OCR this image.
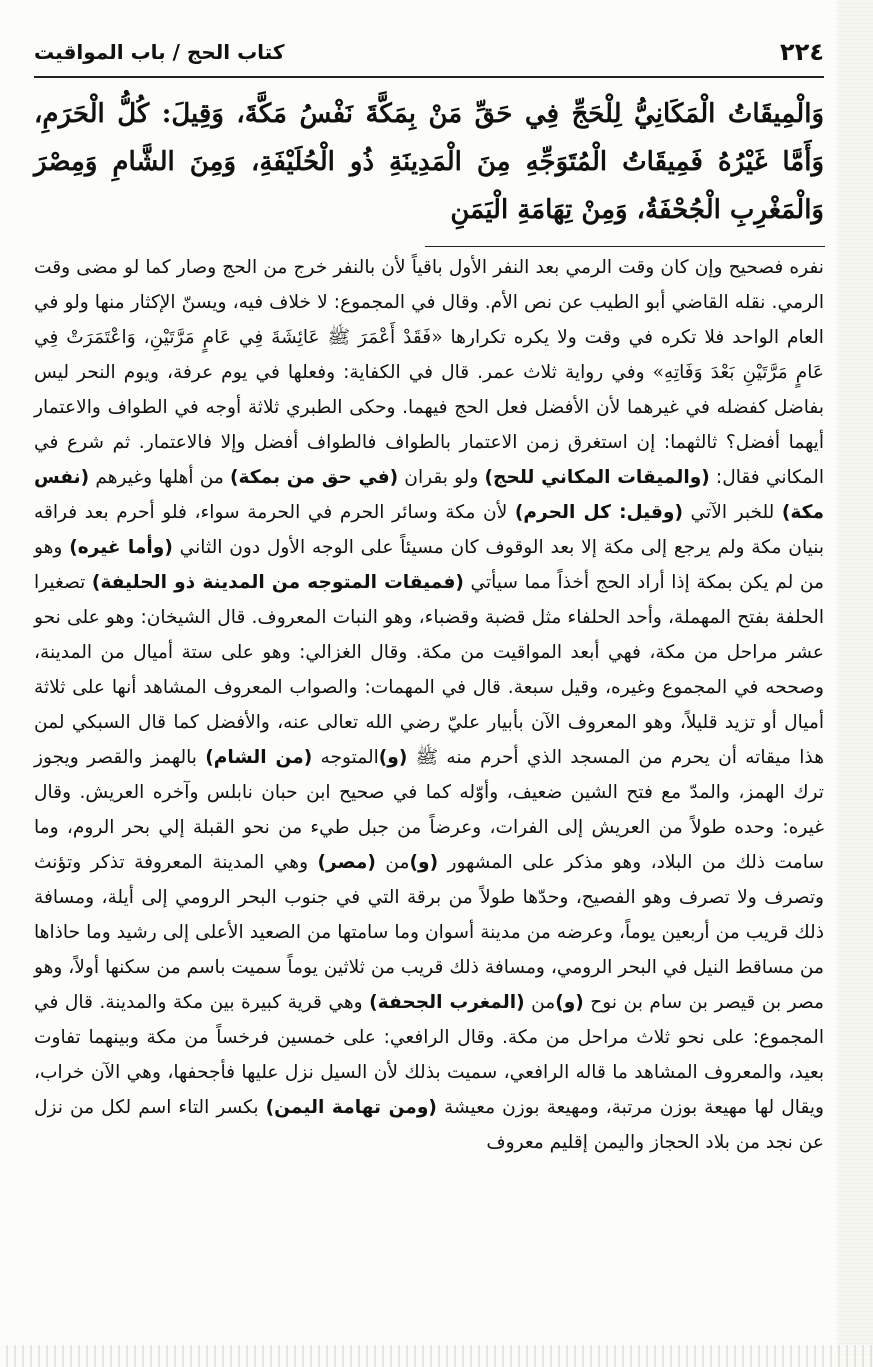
٢٢٤
كتاب الحج / باب المواقيت
وَالْمِيقَاتُ الْمَكَانِيُّ لِلْحَجِّ فِي حَقِّ مَنْ بِمَكَّةَ نَفْسُ مَكَّةَ، وَقِيلَ: كُلُّ الْحَرَمِ، وَأَمَّا غَيْرُهُ فَمِيقَاتُ الْمُتَوَجِّهِ مِنَ الْمَدِينَةِ ذُو الْحُلَيْفَةِ، وَمِنَ الشَّامِ وَمِصْرَ وَالْمَغْرِبِ الْجُحْفَةُ، وَمِنْ تِهَامَةِ الْيَمَنِ
نفره فصحيح وإن كان وقت الرمي بعد النفر الأول باقياً لأن بالنفر خرج من الحج وصار كما لو مضى وقت الرمي. نقله القاضي أبو الطيب عن نص الأم. وقال في المجموع: لا خلاف فيه، ويسنّ الإكثار منها ولو في العام الواحد فلا تكره في وقت ولا يكره تكرارها «فَقَدْ أَعْمَرَ ﷺ عَائِشَةَ فِي عَامٍ مَرَّتَيْنِ، وَاعْتَمَرَتْ فِي عَامٍ مَرَّتَيْنِ بَعْدَ وَفَاتِهِ» وفي رواية ثلاث عمر. قال في الكفاية: وفعلها في يوم عرفة، ويوم النحر ليس بفاضل كفضله في غيرهما لأن الأفضل فعل الحج فيهما. وحكى الطبري ثلاثة أوجه في الطواف والاعتمار أيهما أفضل؟ ثالثهما: إن استغرق زمن الاعتمار بالطواف فالطواف أفضل وإلا فالاعتمار. ثم شرع في المكاني فقال: (والميقات المكاني للحج) ولو بقران (في حق من بمكة) من أهلها وغيرهم (نفس مكة) للخبر الآتي (وقيل: كل الحرم) لأن مكة وسائر الحرم في الحرمة سواء، فلو أحرم بعد فراقه بنيان مكة ولم يرجع إلى مكة إلا بعد الوقوف كان مسيئاً على الوجه الأول دون الثاني (وأما غيره) وهو من لم يكن بمكة إذا أراد الحج أخذاً مما سيأتي (فميقات المتوجه من المدينة ذو الحليفة) تصغيرا الحلفة بفتح المهملة، وأحد الحلفاء مثل قضبة وقضباء، وهو النبات المعروف. قال الشيخان: وهو على نحو عشر مراحل من مكة، فهي أبعد المواقيت من مكة. وقال الغزالي: وهو على ستة أميال من المدينة، وصححه في المجموع وغيره، وقيل سبعة. قال في المهمات: والصواب المعروف المشاهد أنها على ثلاثة أميال أو تزيد قليلاً، وهو المعروف الآن بأبيار عليّ رضي الله تعالى عنه، والأفضل كما قال السبكي لمن هذا ميقاته أن يحرم من المسجد الذي أحرم منه ﷺ (و)المتوجه (من الشام) بالهمز والقصر ويجوز ترك الهمز، والمدّ مع فتح الشين ضعيف، وأوّله كما في صحيح ابن حبان نابلس وآخره العريش. وقال غيره: وحده طولاً من العريش إلى الفرات، وعرضاً من جبل طيء من نحو القبلة إلي بحر الروم، وما سامت ذلك من البلاد، وهو مذكر على المشهور (و)من (مصر) وهي المدينة المعروفة تذكر وتؤنث وتصرف ولا تصرف وهو الفصيح، وحدّها طولاً من برقة التي في جنوب البحر الرومي إلى أيلة، ومسافة ذلك قريب من أربعين يوماً، وعرضه من مدينة أسوان وما سامتها من الصعيد الأعلى إلى رشيد وما حاذاها من مساقط النيل في البحر الرومي، ومسافة ذلك قريب من ثلاثين يوماً سميت باسم من سكنها أولاً، وهو مصر بن قيصر بن سام بن نوح (و)من (المغرب الجحفة) وهي قرية كبيرة بين مكة والمدينة. قال في المجموع: على نحو ثلاث مراحل من مكة. وقال الرافعي: على خمسين فرخساً من مكة وبينهما تفاوت بعيد، والمعروف المشاهد ما قاله الرافعي، سميت بذلك لأن السيل نزل عليها فأجحفها، وهي الآن خراب، ويقال لها مهيعة بوزن مرتبة، ومهيعة بوزن معيشة (ومن تهامة اليمن) بكسر التاء اسم لكل من نزل عن نجد من بلاد الحجاز واليمن إقليم معروف
